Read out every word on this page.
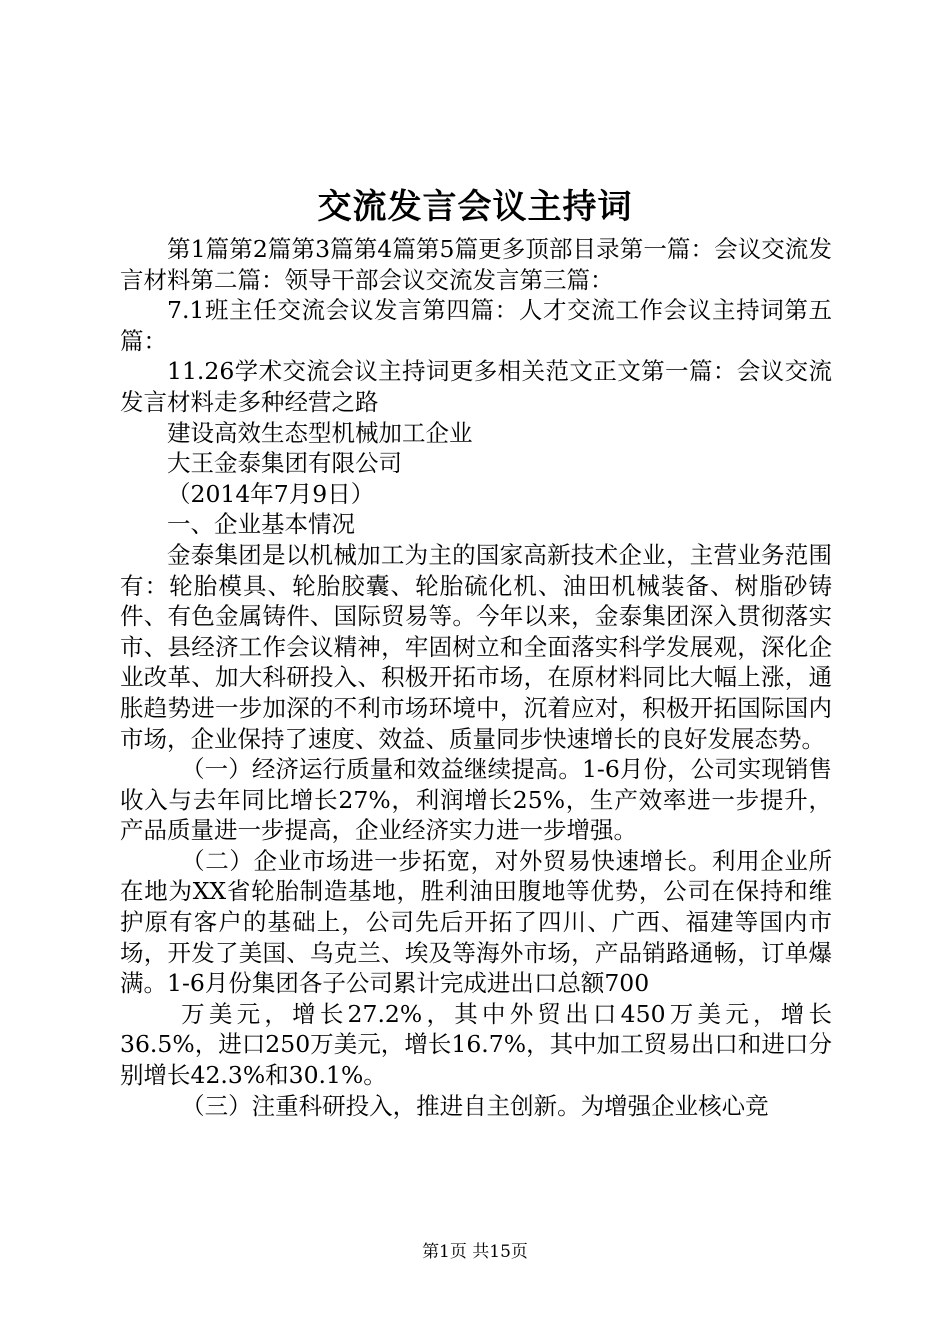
交流发言会议主持词

第1篇第2篇第3篇第4篇第5篇更多顶部目录第一篇：会议交流发言材料第二篇：领导干部会议交流发言第三篇：

7.1班主任交流会议发言第四篇：人才交流工作会议主持词第五篇：

11.26学术交流会议主持词更多相关范文正文第一篇：会议交流发言材料走多种经营之路

建设高效生态型机械加工企业

大王金泰集团有限公司

（2014年7月9日）

一、企业基本情况

金泰集团是以机械加工为主的国家高新技术企业，主营业务范围有：轮胎模具、轮胎胶囊、轮胎硫化机、油田机械装备、树脂砂铸件、有色金属铸件、国际贸易等。今年以来，金泰集团深入贯彻落实市、县经济工作会议精神，牢固树立和全面落实科学发展观，深化企业改革、加大科研投入、积极开拓市场，在原材料同比大幅上涨，通胀趋势进一步加深的不利市场环境中，沉着应对，积极开拓国际国内市场，企业保持了速度、效益、质量同步快速增长的良好发展态势。

（一）经济运行质量和效益继续提高。1-6月份，公司实现销售收入与去年同比增长27%，利润增长25%，生产效率进一步提升，产品质量进一步提高，企业经济实力进一步增强。

（二）企业市场进一步拓宽，对外贸易快速增长。利用企业所在地为XX省轮胎制造基地，胜利油田腹地等优势，公司在保持和维护原有客户的基础上，公司先后开拓了四川、广西、福建等国内市场，开发了美国、乌克兰、埃及等海外市场，产品销路通畅，订单爆满。1-6月份集团各子公司累计完成进出口总额700

万美元，增长27.2%，其中外贸出口450万美元，增长36.5%，进口250万美元，增长16.7%，其中加工贸易出口和进口分别增长42.3%和30.1%。

（三）注重科研投入，推进自主创新。为增强企业核心竞

第1页 共15页
